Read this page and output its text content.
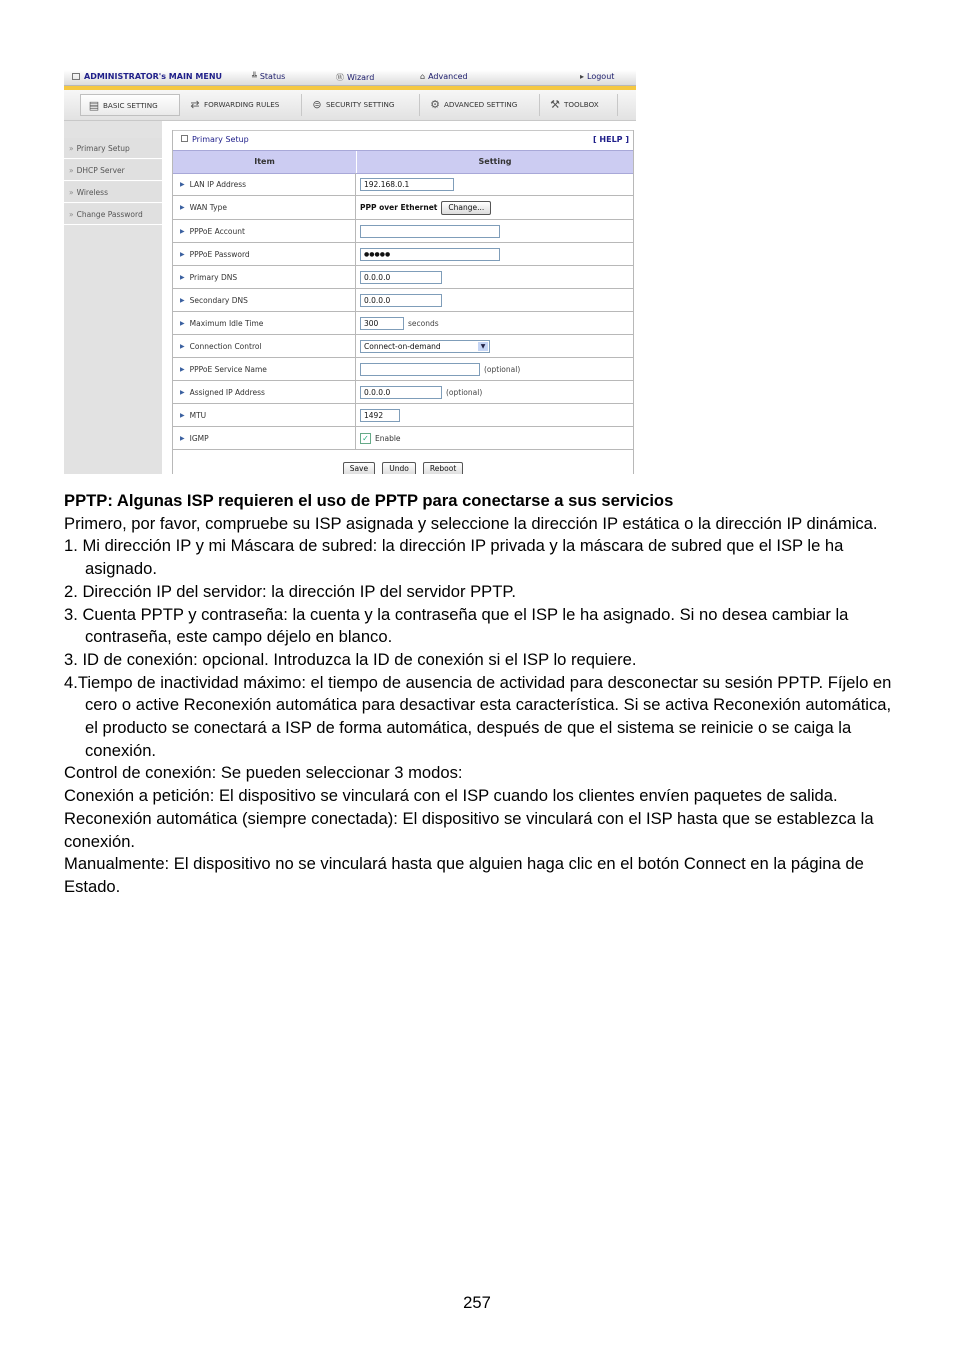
ADMINISTRATOR's MAIN MENU	╩ Status	Ⓦ Wizard	⌂ Advanced	▸ Logout
▤ BASIC SETTING	⇄ FORWARDING RULES	⊜ SECURITY SETTING	⚙ ADVANCED SETTING	⚒ TOOLBOX
» Primary Setup
» DHCP Server
» Wireless
» Change Password
Primary Setup	[ HELP ]
Item	Setting
▶ LAN IP Address	192.168.0.1
▶ WAN Type	PPP over Ethernet	Change...
▶ PPPoE Account
▶ PPPoE Password	●●●●●
▶ Primary DNS	0.0.0.0
▶ Secondary DNS	0.0.0.0
▶ Maximum Idle Time	300	seconds
▶ Connection Control	Connect-on-demand	▼
▶ PPPoE Service Name	(optional)
▶ Assigned IP Address	0.0.0.0	(optional)
▶ MTU	1492
▶ IGMP	✓ Enable
Save	Undo	Reboot

PPTP: Algunas ISP requieren el uso de PPTP para conectarse a sus servicios

Primero, por favor, compruebe su ISP asignada y seleccione la dirección IP estática o la dirección IP dinámica.

1. Mi dirección IP y mi Máscara de subred: la dirección IP privada y la máscara de subred que el ISP le ha asignado.

2. Dirección IP del servidor: la dirección IP del servidor PPTP.

3. Cuenta PPTP y contraseña: la cuenta y la contraseña que el ISP le ha asignado. Si no desea cambiar la contraseña, este campo déjelo en blanco.

3. ID de conexión: opcional. Introduzca la ID de conexión si el ISP lo requiere.

4.Tiempo de inactividad máximo: el tiempo de ausencia de actividad para desconectar su sesión PPTP. Fíjelo en cero o active Reconexión automática para desactivar esta característica. Si se activa Reconexión automática, el producto se conectará a ISP de forma automática, después de que el sistema se reinicie o se caiga la conexión.

Control de conexión: Se pueden seleccionar 3 modos:

Conexión a petición: El dispositivo se vinculará con el ISP cuando los clientes envíen paquetes de salida.

Reconexión automática (siempre conectada): El dispositivo se vinculará con el ISP hasta que se establezca la conexión.

Manualmente: El dispositivo no se vinculará hasta que alguien haga clic en el botón Connect en la página de Estado.

257
